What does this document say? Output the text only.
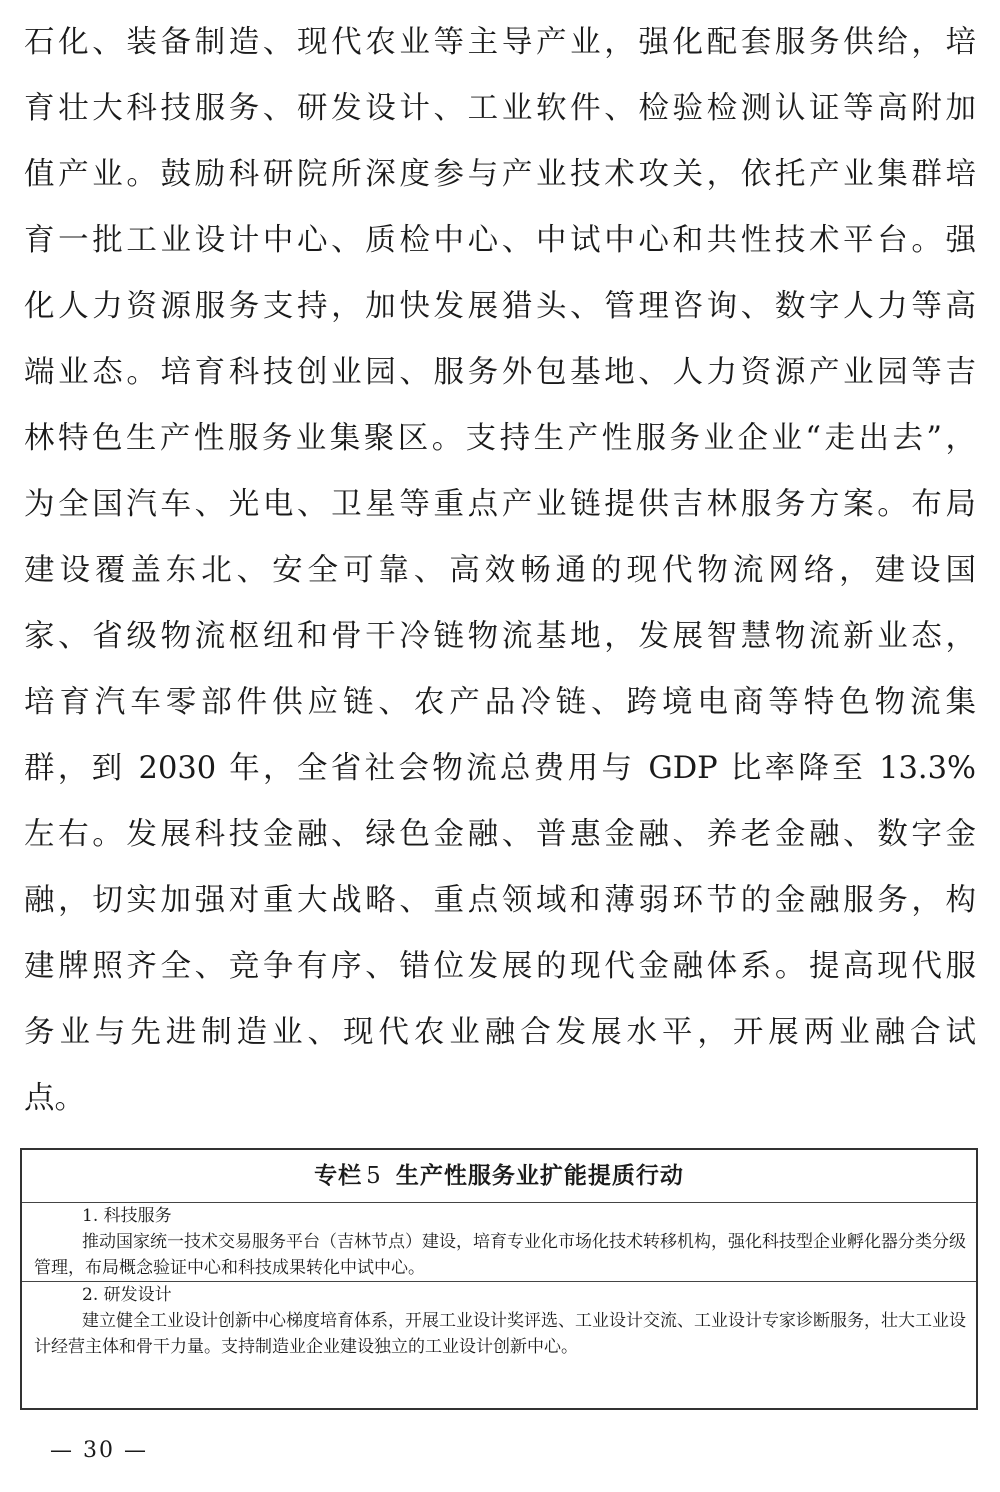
石化、装备制造、现代农业等主导产业，强化配套服务供给，培
育壮大科技服务、研发设计、工业软件、检验检测认证等高附加
值产业。鼓励科研院所深度参与产业技术攻关，依托产业集群培
育一批工业设计中心、质检中心、中试中心和共性技术平台。强
化人力资源服务支持，加快发展猎头、管理咨询、数字人力等高
端业态。培育科技创业园、服务外包基地、人力资源产业园等吉
林特色生产性服务业集聚区。支持生产性服务业企业“走出去”，
为全国汽车、光电、卫星等重点产业链提供吉林服务方案。布局
建设覆盖东北、安全可靠、高效畅通的现代物流网络，建设国
家、省级物流枢纽和骨干冷链物流基地，发展智慧物流新业态，
培育汽车零部件供应链、农产品冷链、跨境电商等特色物流集
群，到 2030 年，全省社会物流总费用与 GDP 比率降至 13.3%
左右。发展科技金融、绿色金融、普惠金融、养老金融、数字金
融，切实加强对重大战略、重点领域和薄弱环节的金融服务，构
建牌照齐全、竞争有序、错位发展的现代金融体系。提高现代服
务业与先进制造业、现代农业融合发展水平，开展两业融合试
点。
专栏 5 生产性服务业扩能提质行动
1. 科技服务
推动国家统一技术交易服务平台（吉林节点）建设，培育专业化市场化技术转移机构，强化科技型企业孵化器分类分级管理，布局概念验证中心和科技成果转化中试中心。
2. 研发设计
建立健全工业设计创新中心梯度培育体系，开展工业设计奖评选、工业设计交流、工业设计专家诊断服务，壮大工业设计经营主体和骨干力量。支持制造业企业建设独立的工业设计创新中心。
— 30 —
